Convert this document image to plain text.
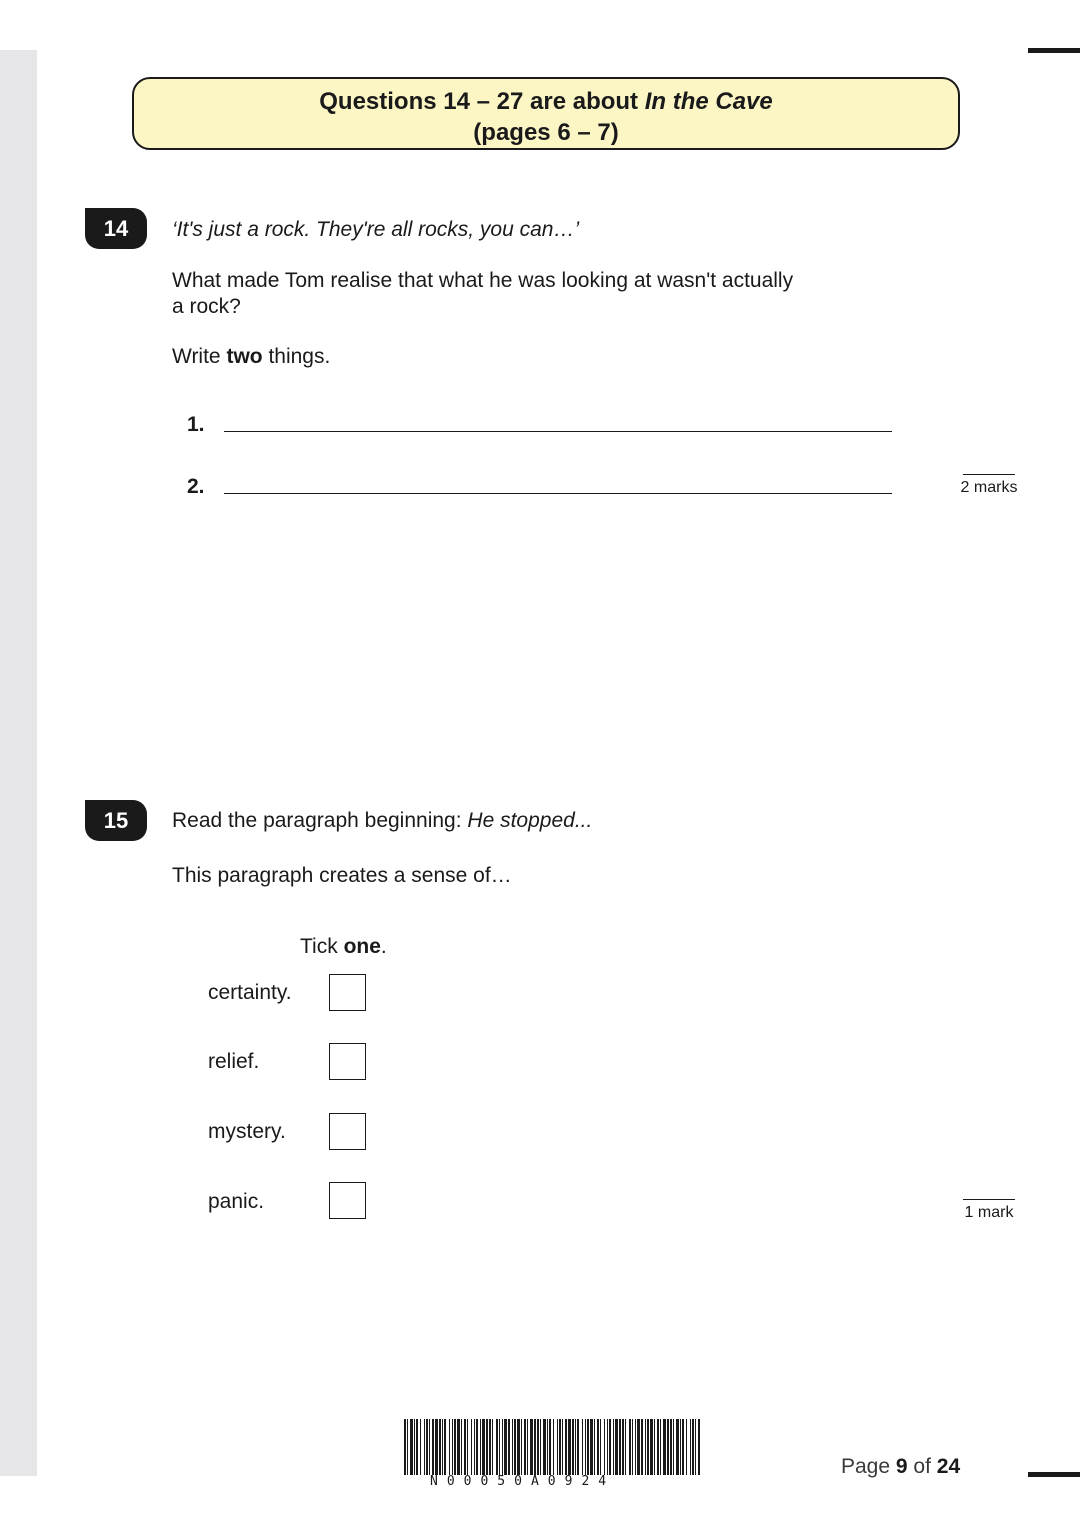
Questions 14 – 27 are about In the Cave
(pages 6 – 7)
14	‘It's just a rock. They're all rocks, you can…’
What made Tom realise that what he was looking at wasn't actually
a rock?
Write two things.
1.
2.	2 marks
15	Read the paragraph beginning: He stopped...
This paragraph creates a sense of…
Tick one.
certainty.
relief.
mystery.
panic.	1 mark
N00050A0924
Page 9 of 24
